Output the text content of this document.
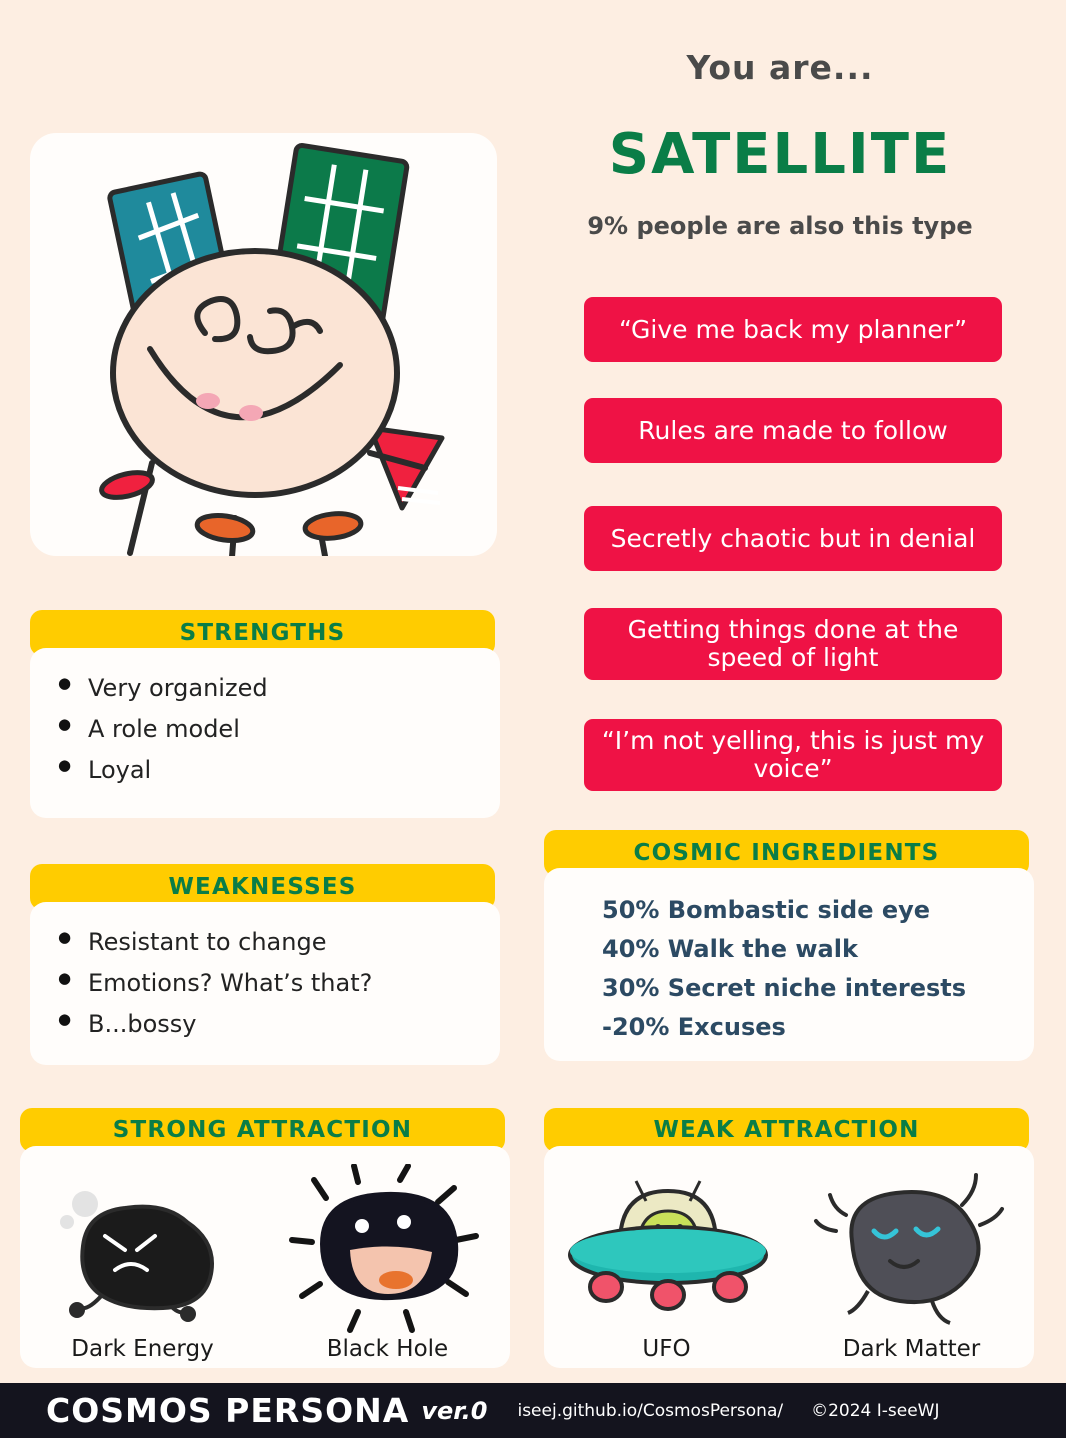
You are...
SATELLITE
9% people are also this type
STRENGTHS
● Very organized
● A role model
● Loyal
WEAKNESSES
● Resistant to change
● Emotions? What’s that?
● B...bossy
“Give me back my planner”
Rules are made to follow
Secretly chaotic but in denial
Getting things done at the speed of light
“I’m not yelling, this is just my voice”
COSMIC INGREDIENTS
50% Bombastic side eye
40% Walk the walk
30% Secret niche interests
-20% Excuses
STRONG ATTRACTION
Dark Energy	Black Hole
WEAK ATTRACTION
UFO	Dark Matter
COSMOS PERSONA ver.0 iseej.github.io/CosmosPersona/ ©2024 I-seeWJ
